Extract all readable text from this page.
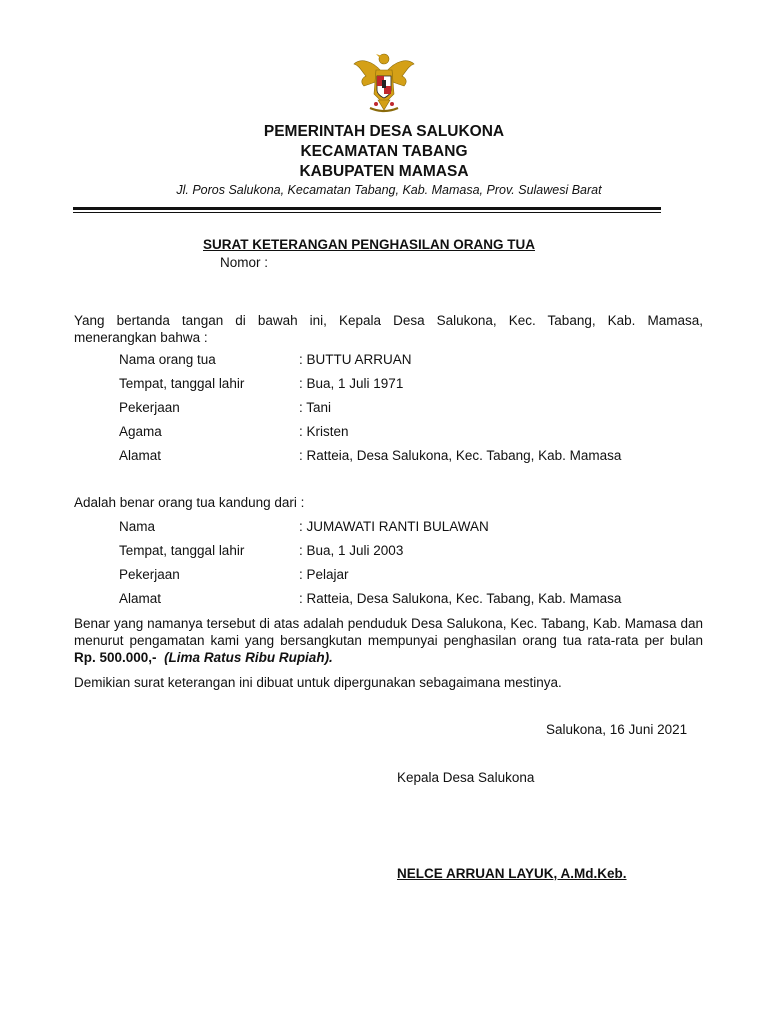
PEMERINTAH DESA SALUKONA
KECAMATAN TABANG
KABUPATEN MAMASA
Jl. Poros Salukona, Kecamatan Tabang, Kab. Mamasa, Prov. Sulawesi Barat
SURAT KETERANGAN PENGHASILAN ORANG TUA
Nomor :
Yang bertanda tangan di bawah ini, Kepala Desa Salukona, Kec. Tabang, Kab. Mamasa,
menerangkan bahwa :
Nama orang tua	: BUTTU ARRUAN
Tempat, tanggal lahir	: Bua, 1 Juli 1971
Pekerjaan	: Tani
Agama	: Kristen
Alamat	: Ratteia, Desa Salukona, Kec. Tabang, Kab. Mamasa
Adalah benar orang tua kandung dari :
Nama	: JUMAWATI RANTI BULAWAN
Tempat, tanggal lahir	: Bua, 1 Juli 2003
Pekerjaan	: Pelajar
Alamat	: Ratteia, Desa Salukona, Kec. Tabang, Kab. Mamasa
Benar yang namanya tersebut di atas adalah penduduk Desa Salukona, Kec. Tabang, Kab. Mamasa dan menurut pengamatan kami yang bersangkutan mempunyai penghasilan orang tua rata-rata per bulan Rp. 500.000,- (Lima Ratus Ribu Rupiah).
Demikian surat keterangan ini dibuat untuk dipergunakan sebagaimana mestinya.
Salukona, 16 Juni 2021
Kepala Desa Salukona
NELCE ARRUAN LAYUK, A.Md.Keb.
